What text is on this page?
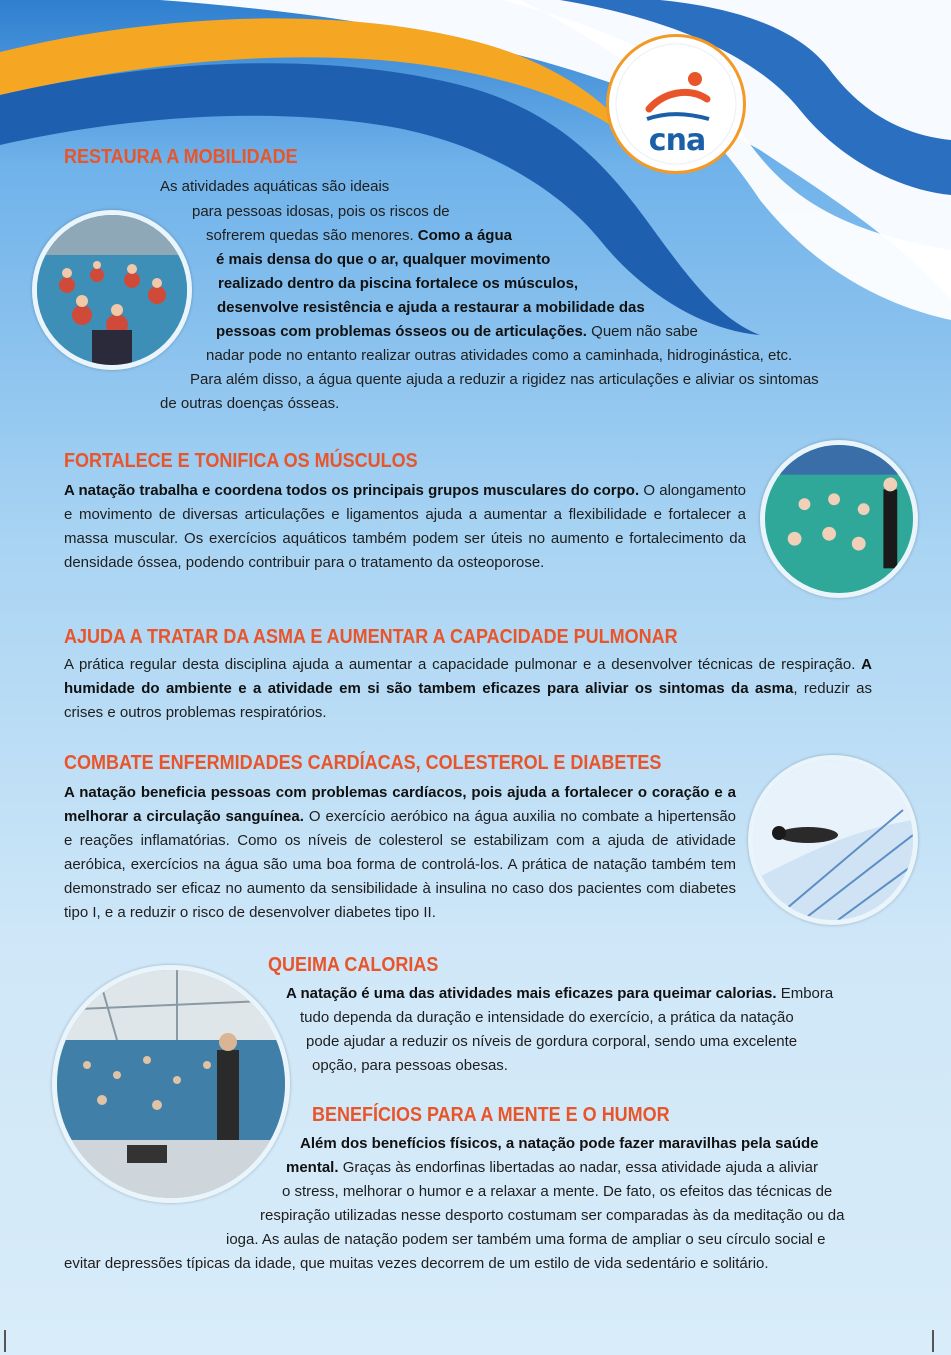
cna
RESTAURA A MOBILIDADE
As atividades aquáticas são ideais
para pessoas idosas, pois os riscos de
sofrerem quedas são menores. Como a água
é mais densa do que o ar, qualquer movimento
realizado dentro da piscina fortalece os músculos,
desenvolve resistência e ajuda a restaurar a mobilidade das
pessoas com problemas ósseos ou de articulações. Quem não sabe
nadar pode no entanto realizar outras atividades como a caminhada, hidroginástica, etc.
Para além disso, a água quente ajuda a reduzir a rigidez nas articulações e aliviar os sintomas
de outras doenças ósseas.
FORTALECE E TONIFICA OS MÚSCULOS
A natação trabalha e coordena todos os principais grupos musculares do corpo. O alongamento e movimento de diversas articulações e ligamentos ajuda a aumentar a flexibilidade e fortalecer a massa muscular. Os exercícios aquáticos também podem ser úteis no aumento e fortalecimento da densidade óssea, podendo contribuir para o tratamento da osteoporose.
AJUDA A TRATAR DA ASMA E AUMENTAR A CAPACIDADE PULMONAR
A prática regular desta disciplina ajuda a aumentar a capacidade pulmonar e a desenvolver técnicas de respiração. A humidade do ambiente e a atividade em si são tambem eficazes para aliviar os sintomas da asma, reduzir as crises e outros problemas respiratórios.
COMBATE ENFERMIDADES CARDÍACAS, COLESTEROL E DIABETES
A natação beneficia pessoas com problemas cardíacos, pois ajuda a fortalecer o coração e a melhorar a circulação sanguínea. O exercício aeróbico na água auxilia no combate a hipertensão e reações inflamatórias. Como os níveis de colesterol se estabilizam com a ajuda de atividade aeróbica, exercícios na água são uma boa forma de controlá-los. A prática de natação também tem demonstrado ser eficaz no aumento da sensibilidade à insulina no caso dos pacientes com diabetes tipo I, e a reduzir o risco de desenvolver diabetes tipo II.
QUEIMA CALORIAS
A natação é uma das atividades mais eficazes para queimar calorias. Embora
tudo dependa da duração e intensidade do exercício, a prática da natação
pode ajudar a reduzir os níveis de gordura corporal, sendo uma excelente
opção, para pessoas obesas.
BENEFÍCIOS PARA A MENTE E O HUMOR
Além dos benefícios físicos, a natação pode fazer maravilhas pela saúde
mental. Graças às endorfinas libertadas ao nadar, essa atividade ajuda a aliviar
o stress, melhorar o humor e a relaxar a mente. De fato, os efeitos das técnicas de
respiração utilizadas nesse desporto costumam ser comparadas às da meditação ou da
ioga. As aulas de natação podem ser também uma forma de ampliar o seu círculo social e
evitar depressões típicas da idade, que muitas vezes decorrem de um estilo de vida sedentário e solitário.
